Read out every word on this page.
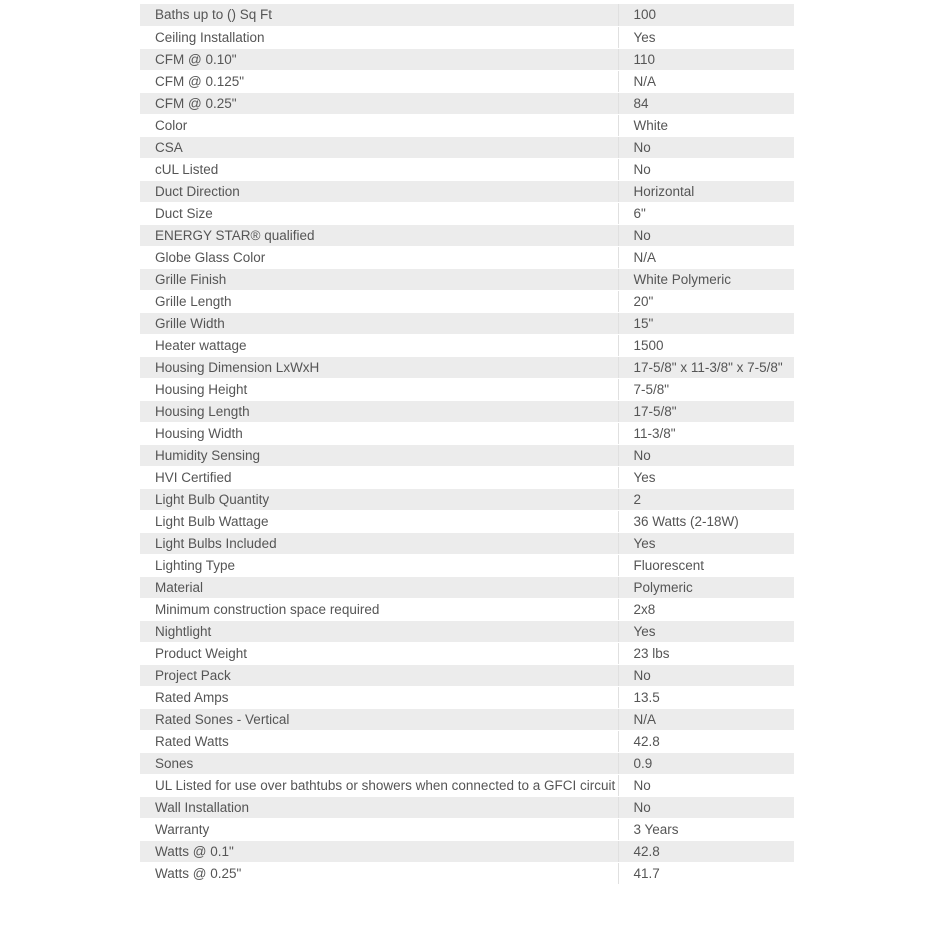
Baths up to () Sq Ft	100
Ceiling Installation	Yes
CFM @ 0.10"	110
CFM @ 0.125"	N/A
CFM @ 0.25"	84
Color	White
CSA	No
cUL Listed	No
Duct Direction	Horizontal
Duct Size	6"
ENERGY STAR® qualified	No
Globe Glass Color	N/A
Grille Finish	White Polymeric
Grille Length	20"
Grille Width	15"
Heater wattage	1500
Housing Dimension LxWxH	17-5/8" x 11-3/8" x 7-5/8"
Housing Height	7-5/8"
Housing Length	17-5/8"
Housing Width	11-3/8"
Humidity Sensing	No
HVI Certified	Yes
Light Bulb Quantity	2
Light Bulb Wattage	36 Watts (2-18W)
Light Bulbs Included	Yes
Lighting Type	Fluorescent
Material	Polymeric
Minimum construction space required	2x8
Nightlight	Yes
Product Weight	23 lbs
Project Pack	No
Rated Amps	13.5
Rated Sones - Vertical	N/A
Rated Watts	42.8
Sones	0.9
UL Listed for use over bathtubs or showers when connected to a GFCI circuit	No
Wall Installation	No
Warranty	3 Years
Watts @ 0.1"	42.8
Watts @ 0.25"	41.7
